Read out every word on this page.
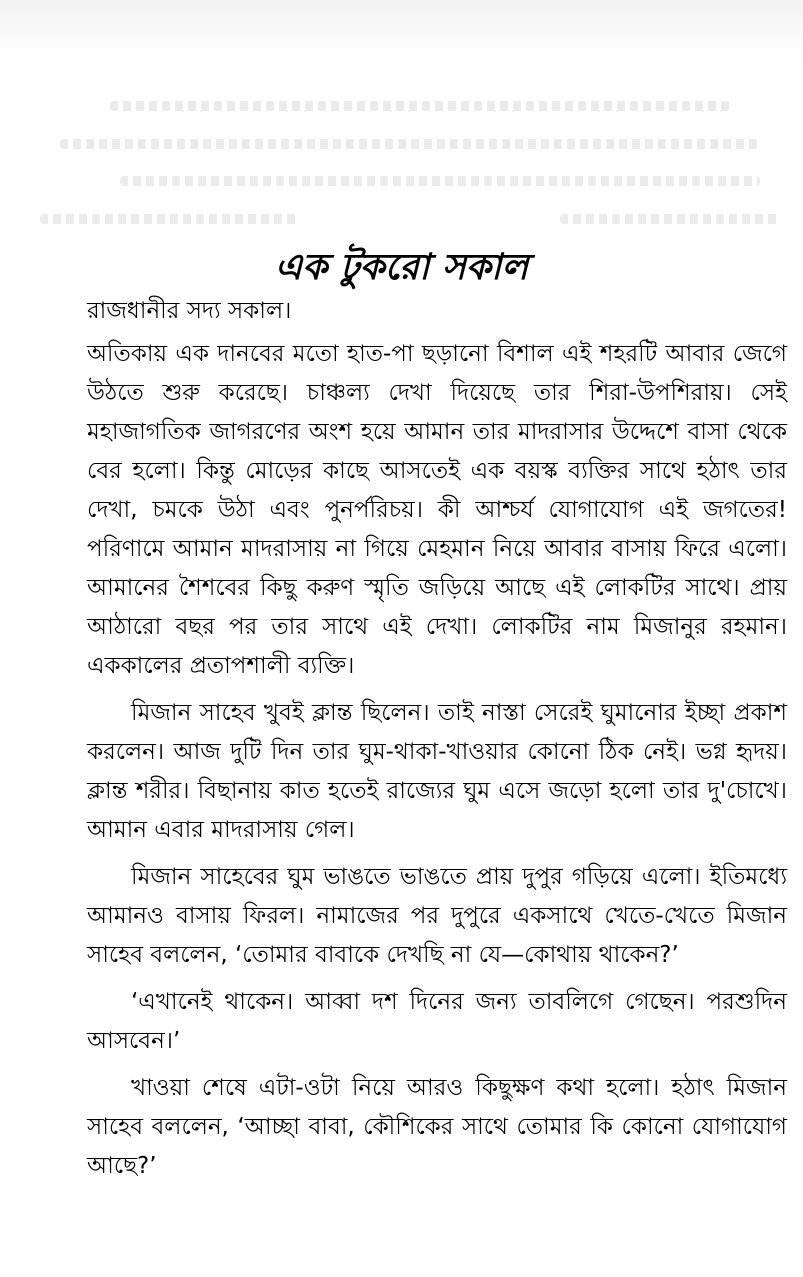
এক টুকরো সকাল

রাজধানীর সদ্য সকাল।

অতিকায় এক দানবের মতো হাত-পা ছড়ানো বিশাল এই শহরটি আবার জেগে উঠতে শুরু করেছে। চাঞ্চল্য দেখা দিয়েছে তার শিরা-উপশিরায়। সেই মহাজাগতিক জাগরণের অংশ হয়ে আমান তার মাদরাসার উদ্দেশে বাসা থেকে বের হলো। কিন্তু মোড়ের কাছে আসতেই এক বয়স্ক ব্যক্তির সাথে হঠাৎ তার দেখা, চমকে উঠা এবং পুনর্পরিচয়। কী আশ্চর্য যোগাযোগ এই জগতের! পরিণামে আমান মাদরাসায় না গিয়ে মেহমান নিয়ে আবার বাসায় ফিরে এলো। আমানের শৈশবের কিছু করুণ স্মৃতি জড়িয়ে আছে এই লোকটির সাথে। প্রায় আঠারো বছর পর তার সাথে এই দেখা। লোকটির নাম মিজানুর রহমান। এককালের প্রতাপশালী ব্যক্তি।

মিজান সাহেব খুবই ক্লান্ত ছিলেন। তাই নাস্তা সেরেই ঘুমানোর ইচ্ছা প্রকাশ করলেন। আজ দুটি দিন তার ঘুম-থাকা-খাওয়ার কোনো ঠিক নেই। ভগ্ন হৃদয়। ক্লান্ত শরীর। বিছানায় কাত হতেই রাজ্যের ঘুম এসে জড়ো হলো তার দু'চোখে। আমান এবার মাদরাসায় গেল।

মিজান সাহেবের ঘুম ভাঙতে ভাঙতে প্রায় দুপুর গড়িয়ে এলো। ইতিমধ্যে আমানও বাসায় ফিরল। নামাজের পর দুপুরে একসাথে খেতে-খেতে মিজান সাহেব বললেন, ‘তোমার বাবাকে দেখছি না যে—কোথায় থাকেন?’

‘এখানেই থাকেন। আব্বা দশ দিনের জন্য তাবলিগে গেছেন। পরশুদিন আসবেন।’

খাওয়া শেষে এটা-ওটা নিয়ে আরও কিছুক্ষণ কথা হলো। হঠাৎ মিজান সাহেব বললেন, ‘আচ্ছা বাবা, কৌশিকের সাথে তোমার কি কোনো যোগাযোগ আছে?’
